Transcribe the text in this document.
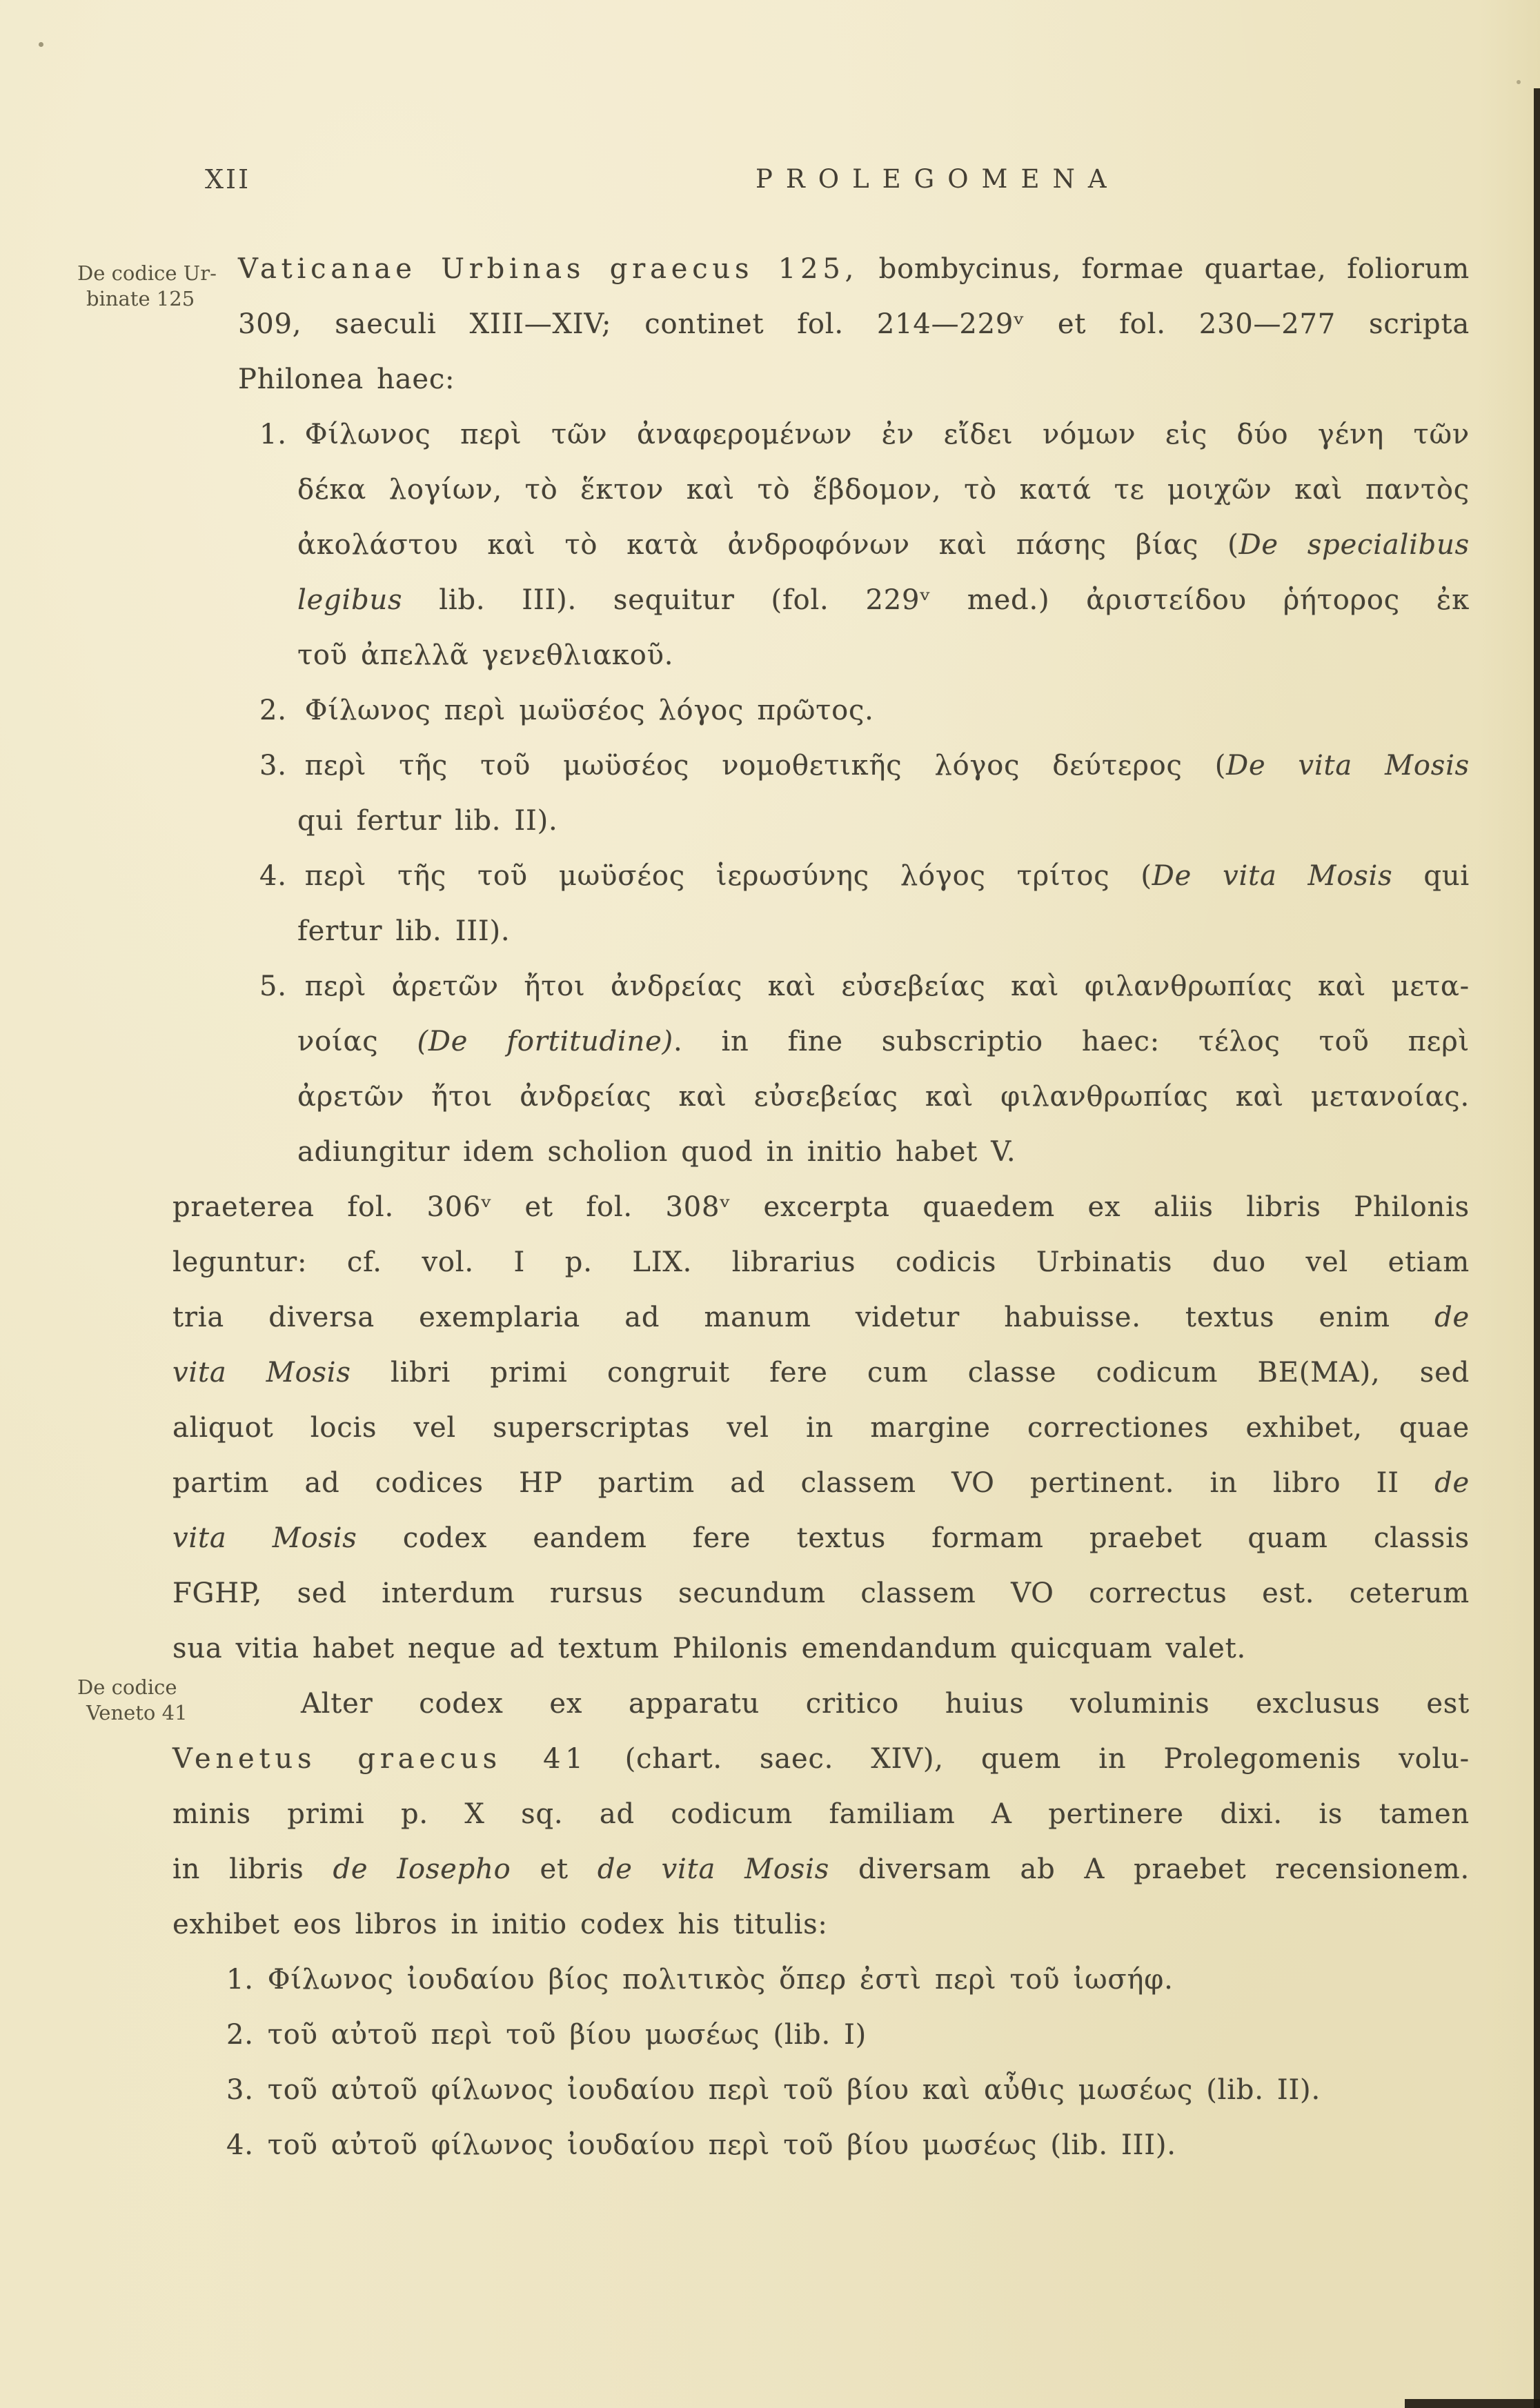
XII	PROLEGOMENA
De codice Ur-
binate 125
De codice
Veneto 41
Vaticanae Urbinas graecus 125, bombycinus, formae quartae, foliorum
309, saeculi XIII—XIV; continet fol. 214—229ᵛ et fol. 230—277 scripta
Philonea haec:
1. Φίλωνος περὶ τῶν ἀναφερομένων ἐν εἴδει νόμων εἰς δύο γένη τῶν
δέκα λογίων, τὸ ἕκτον καὶ τὸ ἕβδομον, τὸ κατά τε μοιχῶν καὶ παντὸς
ἀκολάστου καὶ τὸ κατὰ ἀνδροφόνων καὶ πάσης βίας (De specialibus
legibus lib. III). sequitur (fol. 229ᵛ med.) ἀριστείδου ῥήτορος ἐκ
τοῦ ἀπελλᾶ γενεθλιακοῦ.
2. Φίλωνος περὶ μωϋσέος λόγος πρῶτος.
3. περὶ τῆς τοῦ μωϋσέος νομοθετικῆς λόγος δεύτερος (De vita Mosis
qui fertur lib. II).
4. περὶ τῆς τοῦ μωϋσέος ἱερωσύνης λόγος τρίτος (De vita Mosis qui
fertur lib. III).
5. περὶ ἀρετῶν ἤτοι ἀνδρείας καὶ εὐσεβείας καὶ φιλανθρωπίας καὶ μετα-
νοίας (De fortitudine). in fine subscriptio haec: τέλος τοῦ περὶ
ἀρετῶν ἤτοι ἀνδρείας καὶ εὐσεβείας καὶ φιλανθρωπίας καὶ μετανοίας.
adiungitur idem scholion quod in initio habet V.
praeterea fol. 306ᵛ et fol. 308ᵛ excerpta quaedem ex aliis libris Philonis
leguntur: cf. vol. I p. LIX. librarius codicis Urbinatis duo vel etiam
tria diversa exemplaria ad manum videtur habuisse. textus enim de
vita Mosis libri primi congruit fere cum classe codicum BE(MA), sed
aliquot locis vel superscriptas vel in margine correctiones exhibet, quae
partim ad codices HP partim ad classem VO pertinent. in libro II de
vita Mosis codex eandem fere textus formam praebet quam classis
FGHP, sed interdum rursus secundum classem VO correctus est. ceterum
sua vitia habet neque ad textum Philonis emendandum quicquam valet.
Alter codex ex apparatu critico huius voluminis exclusus est
Venetus graecus 41 (chart. saec. XIV), quem in Prolegomenis volu-
minis primi p. X sq. ad codicum familiam A pertinere dixi. is tamen
in libris de Iosepho et de vita Mosis diversam ab A praebet recensionem.
exhibet eos libros in initio codex his titulis:
1. Φίλωνος ἰουδαίου βίος πολιτικὸς ὅπερ ἐστὶ περὶ τοῦ ἰωσήφ.
2. τοῦ αὐτοῦ περὶ τοῦ βίου μωσέως (lib. I)
3. τοῦ αὐτοῦ φίλωνος ἰουδαίου περὶ τοῦ βίου καὶ αὖθις μωσέως (lib. II).
4. τοῦ αὐτοῦ φίλωνος ἰουδαίου περὶ τοῦ βίου μωσέως (lib. III).
